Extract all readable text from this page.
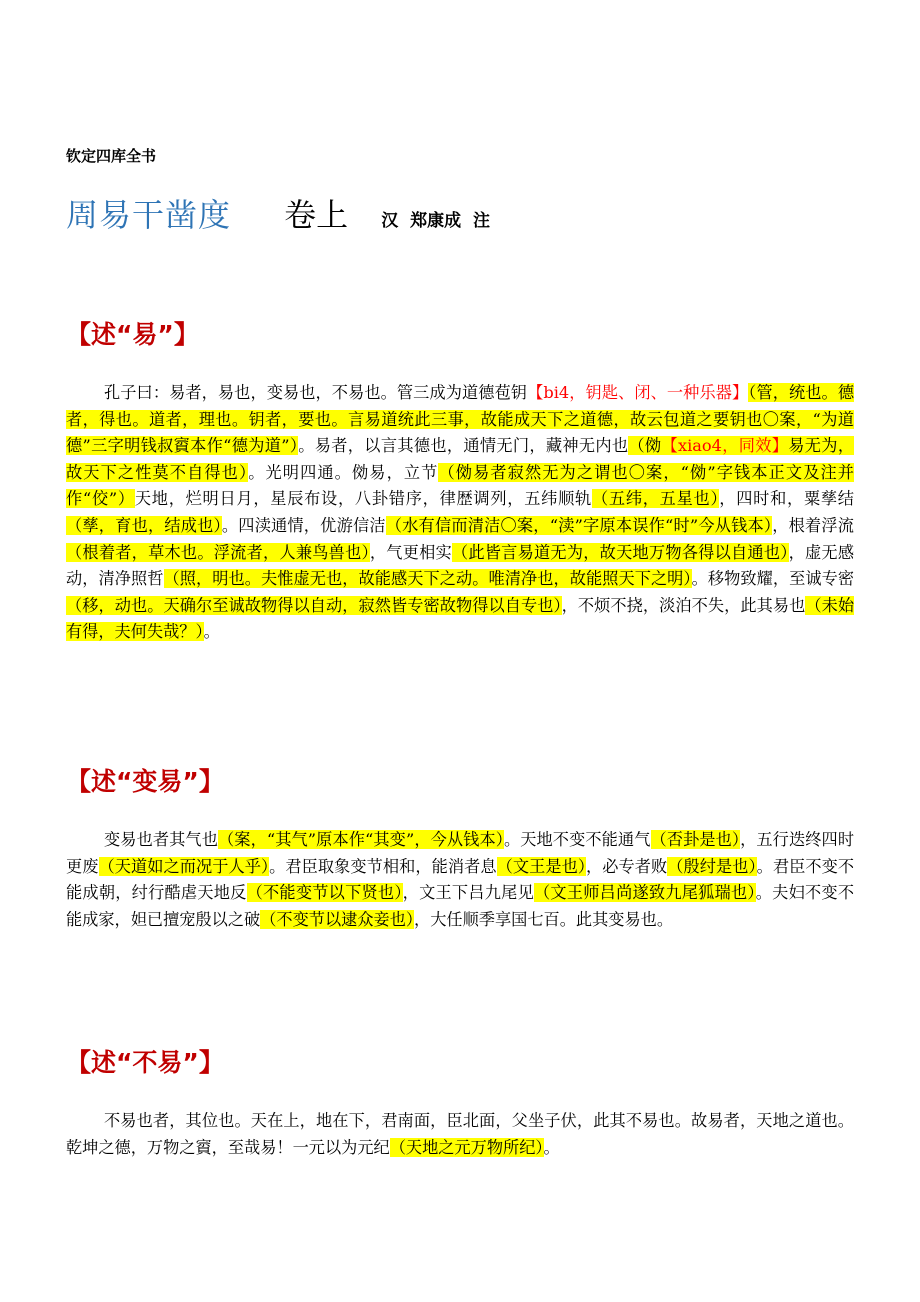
钦定四库全书
周易干凿度 卷上 汉 郑康成 注
【述“易”】

孔子曰：易者，易也，变易也，不易也。管三成为道德苞钥【bi4，钥匙、闭、一种乐器】（管，统也。德者，得也。道者，理也。钥者，要也。言易道统此三事，故能成天下之道德，故云包道之要钥也〇案，“为道德”三字明钱叔賨本作“德为道”）。易者，以言其德也，通情无门，藏神无内也（俲【xiao4，同效】易无为，故天下之性莫不自得也）。光明四通。俲易，立节（俲易者寂然无为之谓也〇案，“俲”字钱本正文及注并作“佼”）天地，烂明日月，星辰布设，八卦错序，律歴调列，五纬顺轨（五纬，五星也），四时和，粟孳结（孳，育也，结成也）。四渎通情，优游信洁（水有信而清洁〇案，“渎”字原本误作“时”今从钱本），根着浮流（根着者，草木也。浮流者，人兼鸟兽也），气更相实（此皆言易道无为，故天地万物各得以自通也），虚无感动，清净照哲（照，明也。夫惟虚无也，故能感天下之动。唯清净也，故能照天下之明）。移物致耀，至诚专密（移，动也。天确尔至诚故物得以自动，寂然皆专密故物得以自专也），不烦不挠，淡泊不失，此其易也（未始有得，夫何失哉？）。

【述“变易”】

变易也者其气也（案，“其气”原本作“其变”，今从钱本）。天地不变不能通气（否卦是也），五行迭终四时更废（天道如之而况于人乎）。君臣取象变节相和，能消者息（文王是也），必专者败（殷纣是也）。君臣不变不能成朝，纣行酷虐天地反（不能变节以下贤也），文王下吕九尾见（文王师吕尚遂致九尾狐瑞也）。夫妇不变不能成家，妲已擅宠殷以之破（不变节以逮众妾也），大任顺季享国七百。此其变易也。

【述“不易”】

不易也者，其位也。天在上，地在下，君南面，臣北面，父坐子伏，此其不易也。故易者，天地之道也。乾坤之德，万物之賨，至哉易！一元以为元纪（天地之元万物所纪）。
